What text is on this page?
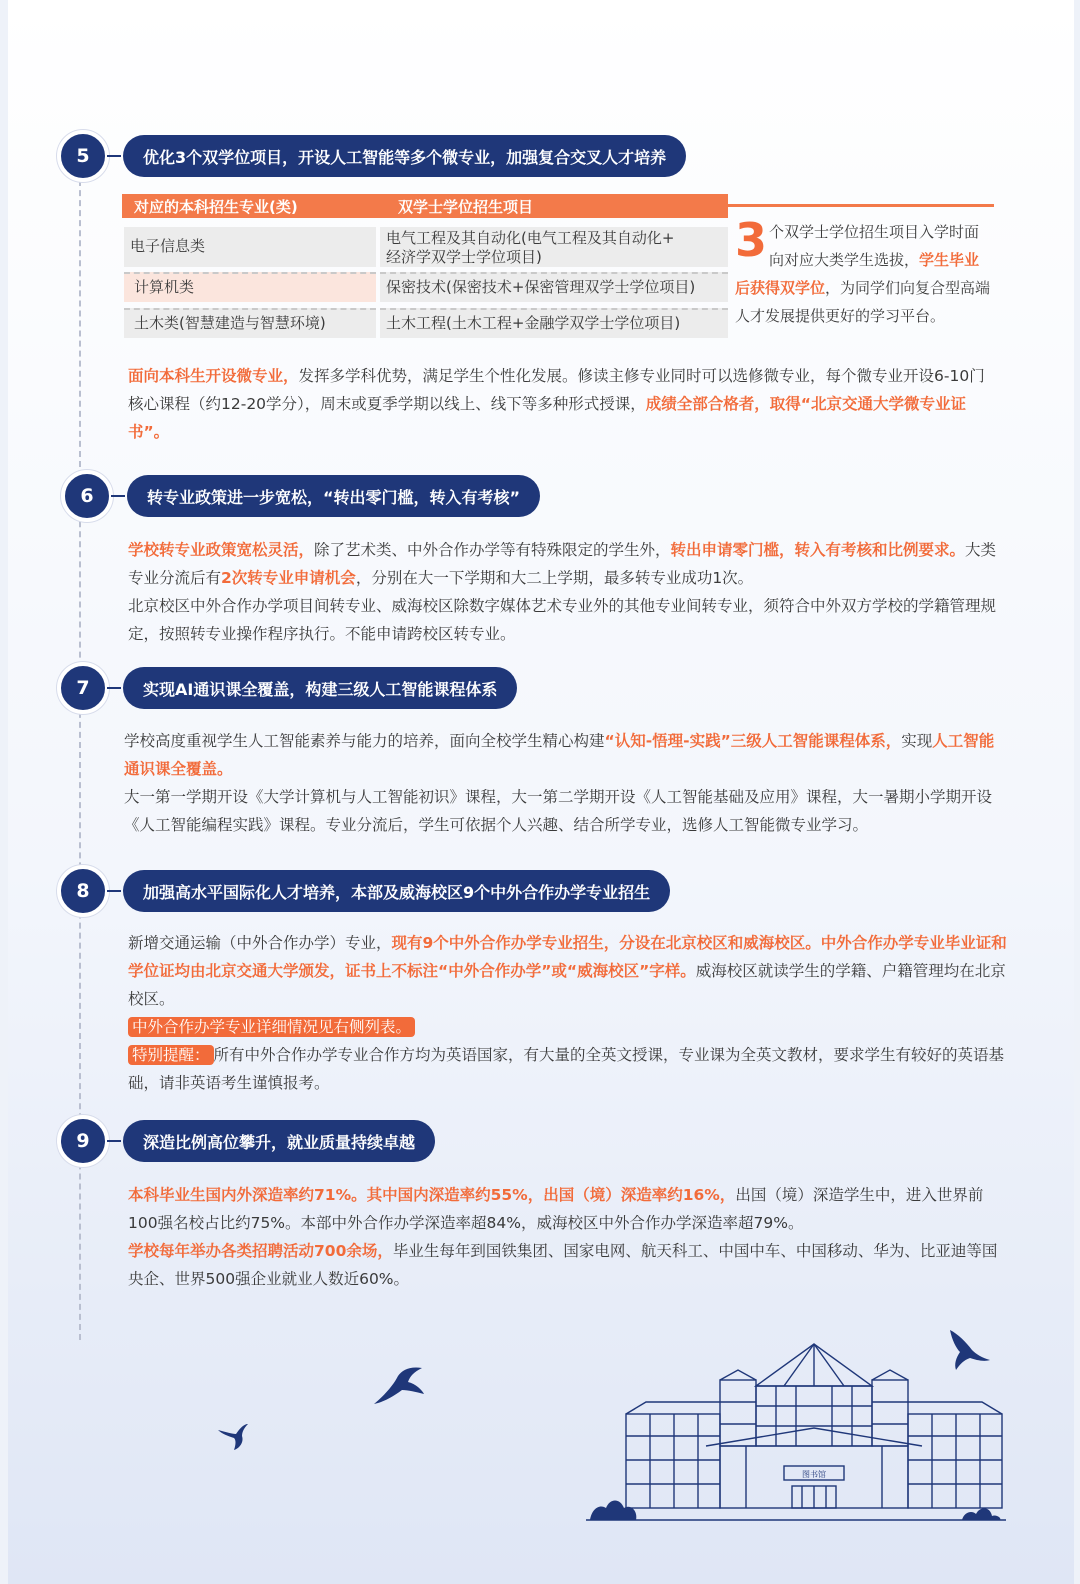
5	优化3个双学位项目，开设人工智能等多个微专业，加强复合交叉人才培养
对应的本科招生专业(类)	双学士学位招生项目
电子信息类	电气工程及其自动化(电气工程及其自动化+
经济学双学士学位项目)
计算机类	保密技术(保密技术+保密管理双学士学位项目)
土木类(智慧建造与智慧环境)	土木工程(土木工程+金融学双学士学位项目)
3 个双学士学位招生项目入学时面向对应大类学生选拔，学生毕业后获得双学位，为同学们向复合型高端人才发展提供更好的学习平台。
面向本科生开设微专业，发挥多学科优势，满足学生个性化发展。修读主修专业同时可以选修微专业，每个微专业开设6-10门核心课程（约12-20学分），周末或夏季学期以线上、线下等多种形式授课，成绩全部合格者，取得“北京交通大学微专业证书”。
6	转专业政策进一步宽松，“转出零门槛，转入有考核”
学校转专业政策宽松灵活，除了艺术类、中外合作办学等有特殊限定的学生外，转出申请零门槛，转入有考核和比例要求。大类专业分流后有2次转专业申请机会，分别在大一下学期和大二上学期，最多转专业成功1次。
北京校区中外合作办学项目间转专业、威海校区除数字媒体艺术专业外的其他专业间转专业，须符合中外双方学校的学籍管理规定，按照转专业操作程序执行。不能申请跨校区转专业。
7	实现AI通识课全覆盖，构建三级人工智能课程体系
学校高度重视学生人工智能素养与能力的培养，面向全校学生精心构建“认知-悟理-实践”三级人工智能课程体系，实现人工智能通识课全覆盖。
大一第一学期开设《大学计算机与人工智能初识》课程，大一第二学期开设《人工智能基础及应用》课程，大一暑期小学期开设《人工智能编程实践》课程。专业分流后，学生可依据个人兴趣、结合所学专业，选修人工智能微专业学习。
8	加强高水平国际化人才培养，本部及威海校区9个中外合作办学专业招生
新增交通运输（中外合作办学）专业，现有9个中外合作办学专业招生，分设在北京校区和威海校区。中外合作办学专业毕业证和学位证均由北京交通大学颁发，证书上不标注“中外合作办学”或“威海校区”字样。威海校区就读学生的学籍、户籍管理均在北京校区。
中外合作办学专业详细情况见右侧列表。
特别提醒： 所有中外合作办学专业合作方均为英语国家，有大量的全英文授课，专业课为全英文教材，要求学生有较好的英语基础，请非英语考生谨慎报考。
9	深造比例高位攀升，就业质量持续卓越
本科毕业生国内外深造率约71%。其中国内深造率约55%，出国（境）深造率约16%，出国（境）深造学生中，进入世界前100强名校占比约75%。本部中外合作办学深造率超84%，威海校区中外合作办学深造率超79%。
学校每年举办各类招聘活动700余场，毕业生每年到国铁集团、国家电网、航天科工、中国中车、中国移动、华为、比亚迪等国央企、世界500强企业就业人数近60%。
图书馆
